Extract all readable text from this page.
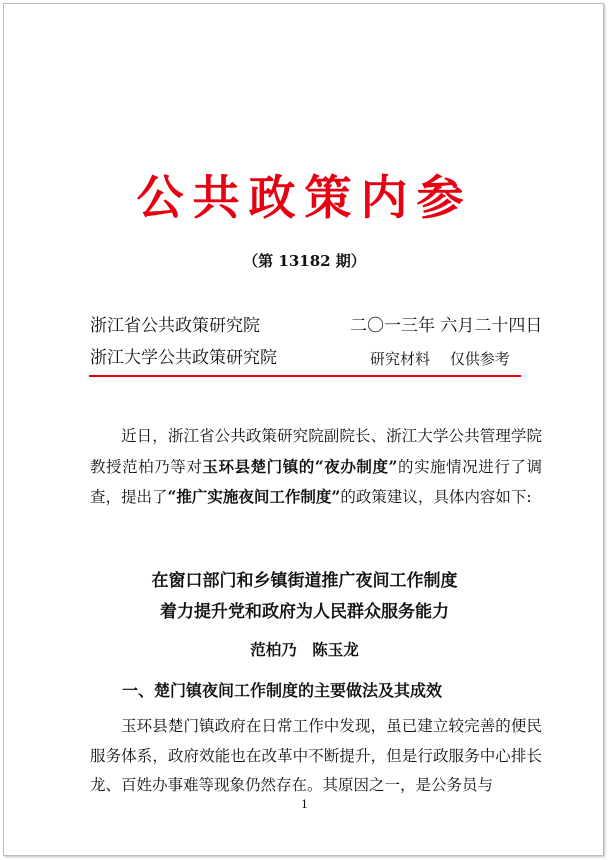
公共政策内参
（第 13182 期）
浙江省公共政策研究院	二〇一三年 六月二十四日
浙江大学公共政策研究院	研究材料　 仅供参考
近日，浙江省公共政策研究院副院长、浙江大学公共管理学院教授范柏乃等对玉环县楚门镇的“夜办制度”的实施情况进行了调查，提出了“推广实施夜间工作制度”的政策建议，具体内容如下:
在窗口部门和乡镇街道推广夜间工作制度
着力提升党和政府为人民群众服务能力
范柏乃　陈玉龙
一、楚门镇夜间工作制度的主要做法及其成效
玉环县楚门镇政府在日常工作中发现，虽已建立较完善的便民服务体系，政府效能也在改革中不断提升，但是行政服务中心排长龙、百姓办事难等现象仍然存在。其原因之一，是公务员与
1
